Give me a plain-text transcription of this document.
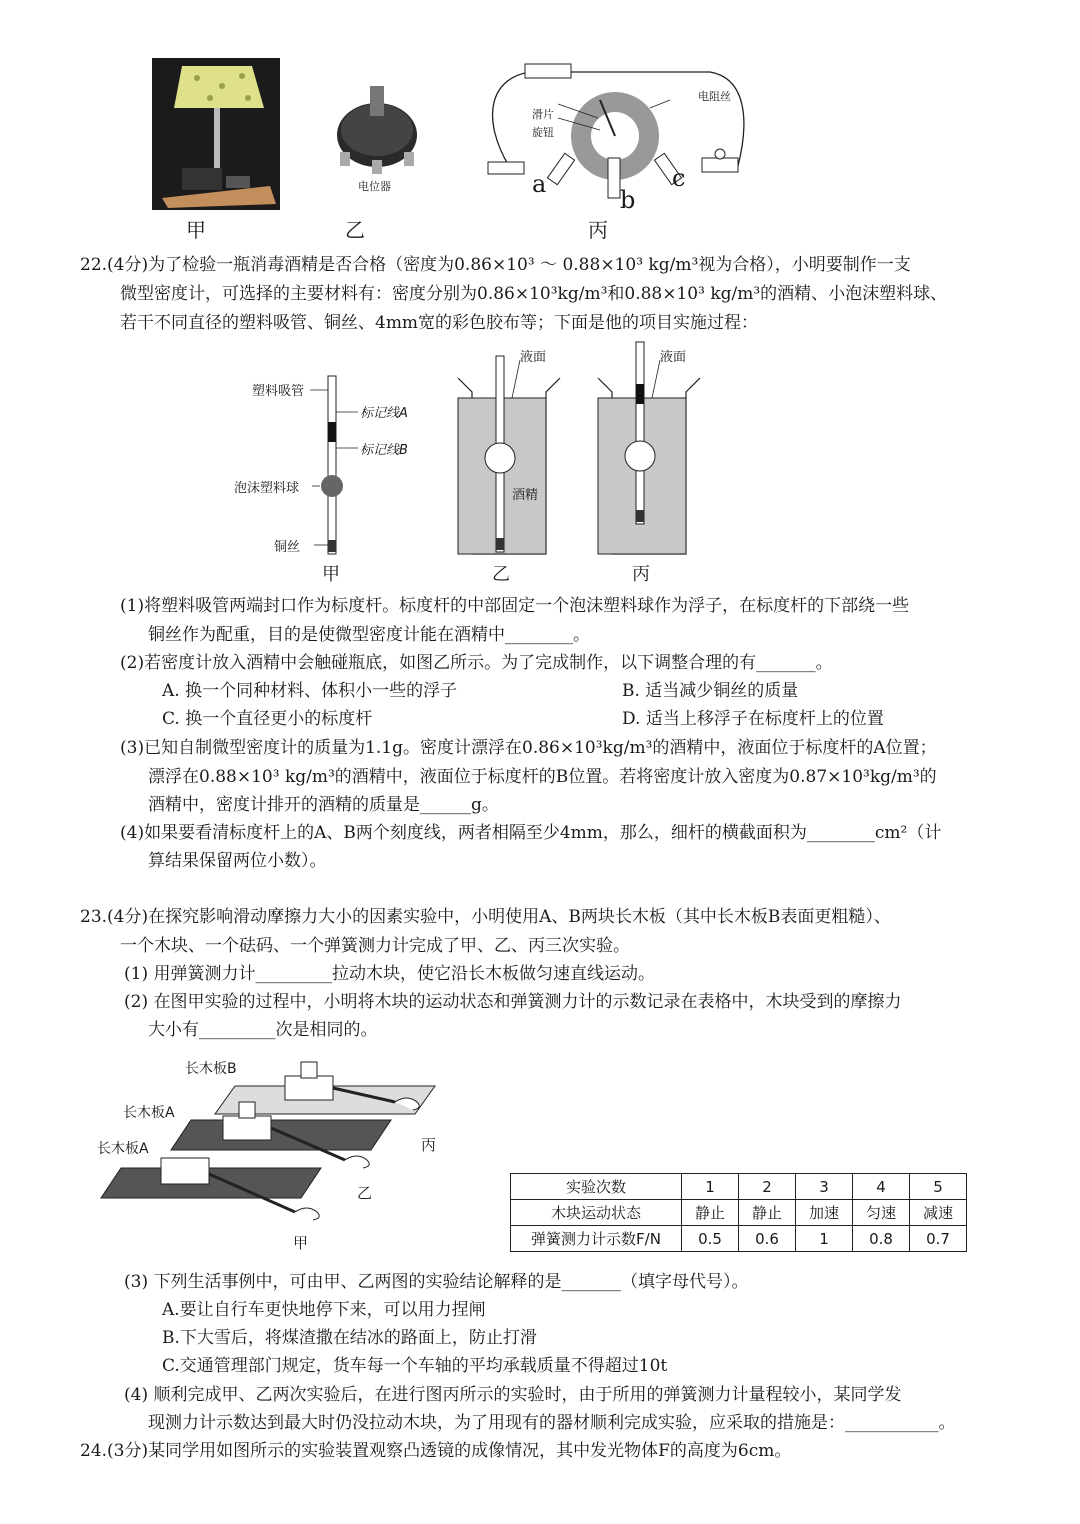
电位器
电阻丝
滑片
旋钮
a
b
c
甲	乙	丙
22.(4分)为了检验一瓶消毒酒精是否合格（密度为0.86×10³ ～ 0.88×10³ kg/m³视为合格），小明要制作一支
微型密度计，可选择的主要材料有：密度分别为0.86×10³kg/m³和0.88×10³ kg/m³的酒精、小泡沫塑料球、
若干不同直径的塑料吸管、铜丝、4mm宽的彩色胶布等；下面是他的项目实施过程：
塑料吸管
标记线A
标记线B
泡沫塑料球
铜丝
液面
酒精
液面
甲	乙	丙
(1)将塑料吸管两端封口作为标度杆。标度杆的中部固定一个泡沫塑料球作为浮子，在标度杆的下部绕一些
铜丝作为配重，目的是使微型密度计能在酒精中________。
(2)若密度计放入酒精中会触碰瓶底，如图乙所示。为了完成制作，以下调整合理的有_______。
A. 换一个同种材料、体积小一些的浮子	B. 适当减少铜丝的质量
C. 换一个直径更小的标度杆	D. 适当上移浮子在标度杆上的位置
(3)已知自制微型密度计的质量为1.1g。密度计漂浮在0.86×10³kg/m³的酒精中，液面位于标度杆的A位置；
漂浮在0.88×10³ kg/m³的酒精中，液面位于标度杆的B位置。若将密度计放入密度为0.87×10³kg/m³的
酒精中，密度计排开的酒精的质量是______g。
(4)如果要看清标度杆上的A、B两个刻度线，两者相隔至少4mm，那么，细杆的横截面积为________cm²（计
算结果保留两位小数）。
23.(4分)在探究影响滑动摩擦力大小的因素实验中，小明使用A、B两块长木板（其中长木板B表面更粗糙）、
一个木块、一个砝码、一个弹簧测力计完成了甲、乙、丙三次实验。
(1) 用弹簧测力计_________拉动木块，使它沿长木板做匀速直线运动。
(2) 在图甲实验的过程中，小明将木块的运动状态和弹簧测力计的示数记录在表格中，木块受到的摩擦力
大小有_________次是相同的。
长木板B
长木板A
长木板A	丙
乙
甲
实验次数	1	2	3	4	5
木块运动状态	静止	静止	加速	匀速	减速
弹簧测力计示数F/N	0.5	0.6	1	0.8	0.7
(3) 下列生活事例中，可由甲、乙两图的实验结论解释的是_______（填字母代号）。
A.要让自行车更快地停下来，可以用力捏闸
B.下大雪后，将煤渣撒在结冰的路面上，防止打滑
C.交通管理部门规定，货车每一个车轴的平均承载质量不得超过10t
(4) 顺利完成甲、乙两次实验后，在进行图丙所示的实验时，由于所用的弹簧测力计量程较小，某同学发
现测力计示数达到最大时仍没拉动木块，为了用现有的器材顺利完成实验，应采取的措施是：___________。
24.(3分)某同学用如图所示的实验装置观察凸透镜的成像情况，其中发光物体F的高度为6cm。
